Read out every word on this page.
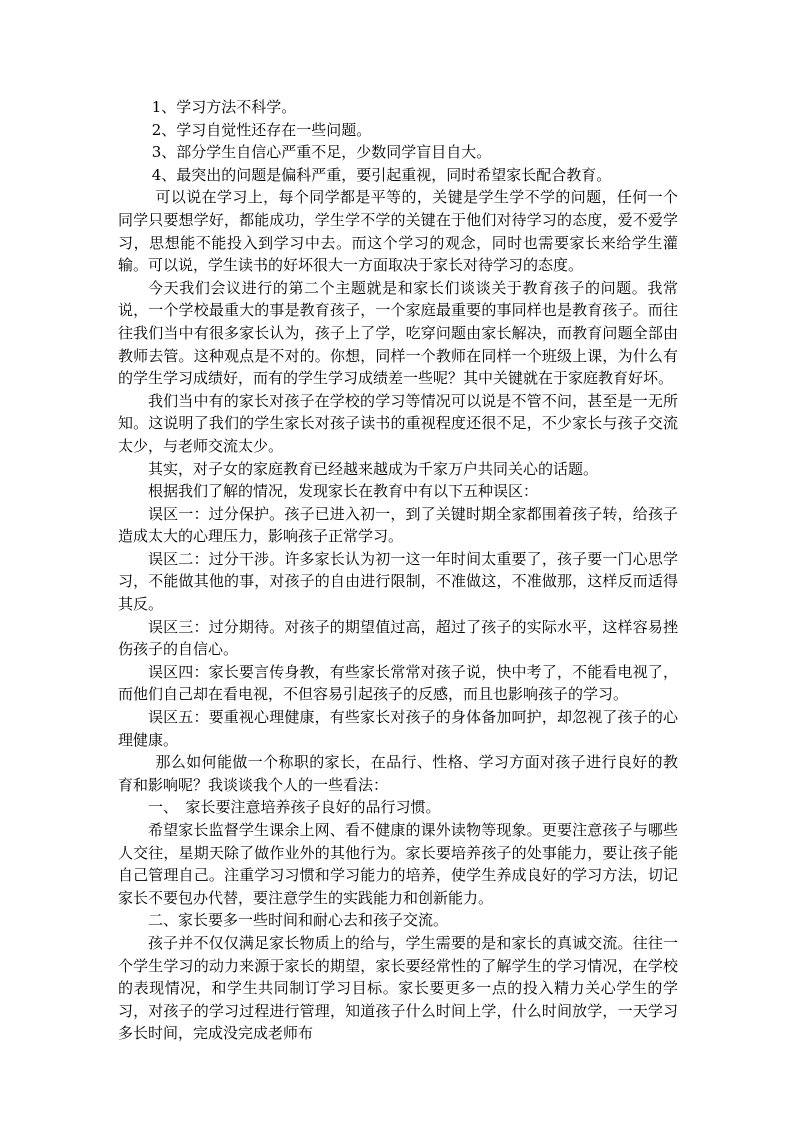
1、学习方法不科学。

2、学习自觉性还存在一些问题。

3、部分学生自信心严重不足，少数同学盲目自大。

4、最突出的问题是偏科严重，要引起重视，同时希望家长配合教育。

可以说在学习上，每个同学都是平等的，关键是学生学不学的问题，任何一个同学只要想学好，都能成功，学生学不学的关键在于他们对待学习的态度，爱不爱学习，思想能不能投入到学习中去。而这个学习的观念，同时也需要家长来给学生灌输。可以说，学生读书的好坏很大一方面取决于家长对待学习的态度。

今天我们会议进行的第二个主题就是和家长们谈谈关于教育孩子的问题。我常说，一个学校最重大的事是教育孩子，一个家庭最重要的事同样也是教育孩子。而往往我们当中有很多家长认为，孩子上了学，吃穿问题由家长解决，而教育问题全部由教师去管。这种观点是不对的。你想，同样一个教师在同样一个班级上课，为什么有的学生学习成绩好，而有的学生学习成绩差一些呢？其中关键就在于家庭教育好坏。

我们当中有的家长对孩子在学校的学习等情况可以说是不管不问，甚至是一无所知。这说明了我们的学生家长对孩子读书的重视程度还很不足，不少家长与孩子交流太少，与老师交流太少。

其实，对子女的家庭教育已经越来越成为千家万户共同关心的话题。

根据我们了解的情况，发现家长在教育中有以下五种误区：

误区一：过分保护。孩子已进入初一，到了关键时期全家都围着孩子转，给孩子造成太大的心理压力，影响孩子正常学习。

误区二：过分干涉。许多家长认为初一这一年时间太重要了，孩子要一门心思学习，不能做其他的事，对孩子的自由进行限制，不准做这，不准做那，这样反而适得其反。

误区三：过分期待。对孩子的期望值过高，超过了孩子的实际水平，这样容易挫伤孩子的自信心。

误区四：家长要言传身教，有些家长常常对孩子说，快中考了，不能看电视了，而他们自己却在看电视，不但容易引起孩子的反感，而且也影响孩子的学习。

误区五：要重视心理健康，有些家长对孩子的身体备加呵护，却忽视了孩子的心理健康。

那么如何能做一个称职的家长，在品行、性格、学习方面对孩子进行良好的教育和影响呢？我谈谈我个人的一些看法：

一、　家长要注意培养孩子良好的品行习惯。

希望家长监督学生课余上网、看不健康的课外读物等现象。更要注意孩子与哪些人交往，星期天除了做作业外的其他行为。家长要培养孩子的处事能力，要让孩子能自己管理自己。注重学习习惯和学习能力的培养，使学生养成良好的学习方法，切记家长不要包办代替，要注意学生的实践能力和创新能力。

二、家长要多一些时间和耐心去和孩子交流。

孩子并不仅仅满足家长物质上的给与，学生需要的是和家长的真诚交流。往往一个学生学习的动力来源于家长的期望，家长要经常性的了解学生的学习情况，在学校的表现情况，和学生共同制订学习目标。家长要更多一点的投入精力关心学生的学习，对孩子的学习过程进行管理，知道孩子什么时间上学，什么时间放学，一天学习多长时间，完成没完成老师布
